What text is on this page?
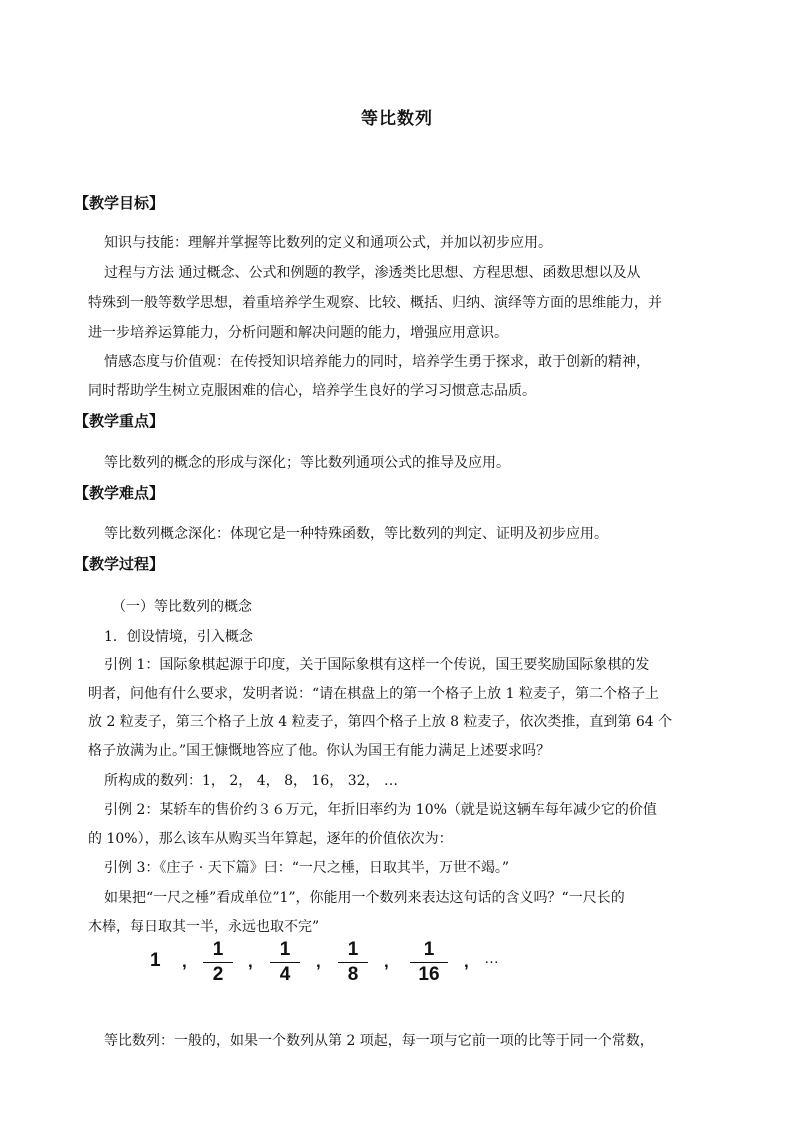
等比数列
【教学目标】
知识与技能：理解并掌握等比数列的定义和通项公式，并加以初步应用。
过程与方法 通过概念、公式和例题的教学，渗透类比思想、方程思想、函数思想以及从
特殊到一般等数学思想，着重培养学生观察、比较、概括、归纳、演绎等方面的思维能力，并
进一步培养运算能力，分析问题和解决问题的能力，增强应用意识。
情感态度与价值观：在传授知识培养能力的同时，培养学生勇于探求，敢于创新的精神，
同时帮助学生树立克服困难的信心，培养学生良好的学习习惯意志品质。
【教学重点】
等比数列的概念的形成与深化；等比数列通项公式的推导及应用。
【教学难点】
等比数列概念深化：体现它是一种特殊函数，等比数列的判定、证明及初步应用。
【教学过程】
（一）等比数列的概念
1．创设情境，引入概念
引例 1：国际象棋起源于印度，关于国际象棋有这样一个传说，国王要奖励国际象棋的发
明者，问他有什么要求，发明者说：“请在棋盘上的第一个格子上放 1 粒麦子，第二个格子上
放 2 粒麦子，第三个格子上放 4 粒麦子，第四个格子上放 8 粒麦子，依次类推，直到第 64 个
格子放满为止。”国王慷慨地答应了他。你认为国王有能力满足上述要求吗？
所构成的数列：1， 2， 4， 8， 16， 32， …
引例 2：某轿车的售价约３６万元，年折旧率约为 10%（就是说这辆车每年减少它的价值
的 10%），那么该车从购买当年算起，逐年的价值依次为：
引例 3：《庄子 · 天下篇》曰：“一尺之棰，日取其半，万世不竭。”
如果把“一尺之棰”看成单位”1”，你能用一个数列来表达这句话的含义吗？“一尺长的
木棒，每日取其一半，永远也取不完”
1 ,
1
2
,
1
4
,
1
8
,
1
16
, …
等比数列：一般的，如果一个数列从第 2 项起，每一项与它前一项的比等于同一个常数，
